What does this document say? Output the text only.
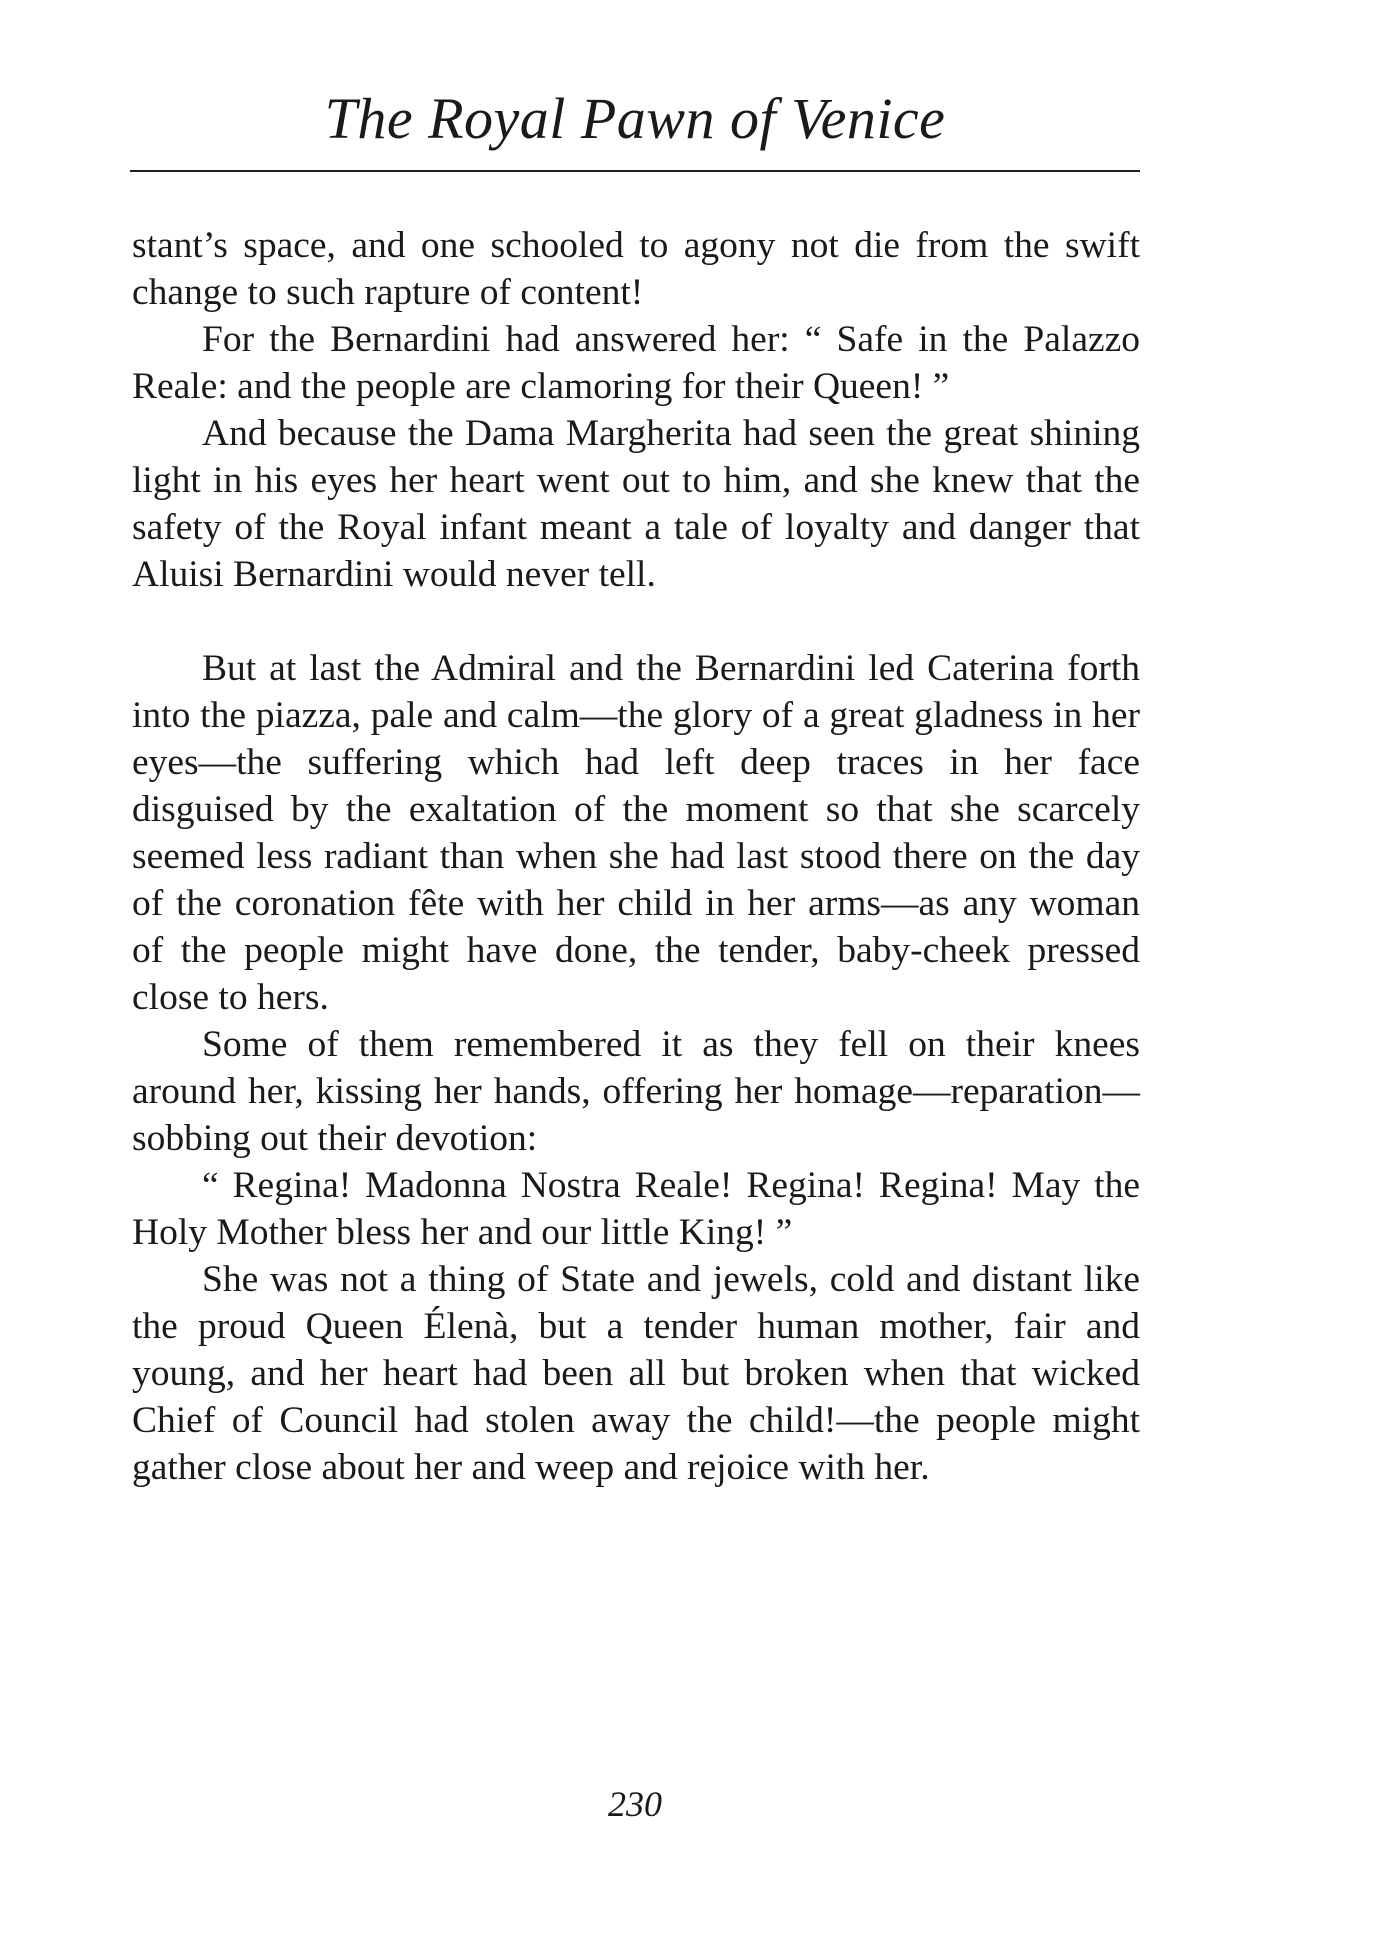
The Royal Pawn of Venice

stant’s space, and one schooled to agony not die from the swift change to such rapture of content!

For the Bernardini had answered her: “ Safe in the Palazzo Reale: and the people are clamoring for their Queen! ”

And because the Dama Margherita had seen the great shining light in his eyes her heart went out to him, and she knew that the safety of the Royal infant meant a tale of loyalty and danger that Aluisi Bernardini would never tell.

But at last the Admiral and the Bernardini led Caterina forth into the piazza, pale and calm—the glory of a great gladness in her eyes—the suffering which had left deep traces in her face disguised by the exaltation of the moment so that she scarcely seemed less radiant than when she had last stood there on the day of the coronation fête with her child in her arms—as any woman of the people might have done, the tender, baby-cheek pressed close to hers.

Some of them remembered it as they fell on their knees around her, kissing her hands, offering her homage—reparation—sobbing out their devotion:

“ Regina! Madonna Nostra Reale! Regina! Regina! May the Holy Mother bless her and our little King! ”

She was not a thing of State and jewels, cold and distant like the proud Queen Élenà, but a tender human mother, fair and young, and her heart had been all but broken when that wicked Chief of Council had stolen away the child!—the people might gather close about her and weep and rejoice with her.

230
